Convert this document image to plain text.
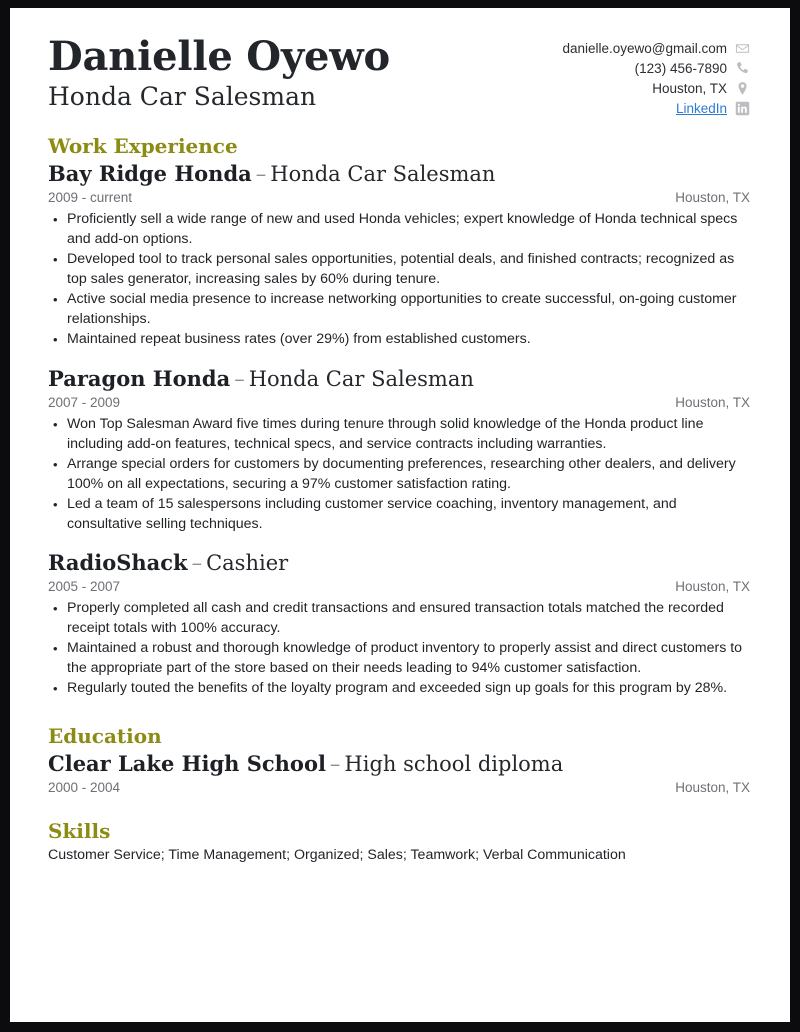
Danielle Oyewo
Honda Car Salesman
danielle.oyewo@gmail.com
(123) 456-7890
Houston, TX
LinkedIn
Work Experience
Bay Ridge Honda – Honda Car Salesman
2009 - current	Houston, TX
• Proficiently sell a wide range of new and used Honda vehicles; expert knowledge of Honda technical specs and add-on options.
• Developed tool to track personal sales opportunities, potential deals, and finished contracts; recognized as top sales generator, increasing sales by 60% during tenure.
• Active social media presence to increase networking opportunities to create successful, on-going customer relationships.
• Maintained repeat business rates (over 29%) from established customers.
Paragon Honda – Honda Car Salesman
2007 - 2009	Houston, TX
• Won Top Salesman Award five times during tenure through solid knowledge of the Honda product line including add-on features, technical specs, and service contracts including warranties.
• Arrange special orders for customers by documenting preferences, researching other dealers, and delivery 100% on all expectations, securing a 97% customer satisfaction rating.
• Led a team of 15 salespersons including customer service coaching, inventory management, and consultative selling techniques.
RadioShack – Cashier
2005 - 2007	Houston, TX
• Properly completed all cash and credit transactions and ensured transaction totals matched the recorded receipt totals with 100% accuracy.
• Maintained a robust and thorough knowledge of product inventory to properly assist and direct customers to the appropriate part of the store based on their needs leading to 94% customer satisfaction.
• Regularly touted the benefits of the loyalty program and exceeded sign up goals for this program by 28%.
Education
Clear Lake High School – High school diploma
2000 - 2004	Houston, TX
Skills
Customer Service; Time Management; Organized; Sales; Teamwork; Verbal Communication
